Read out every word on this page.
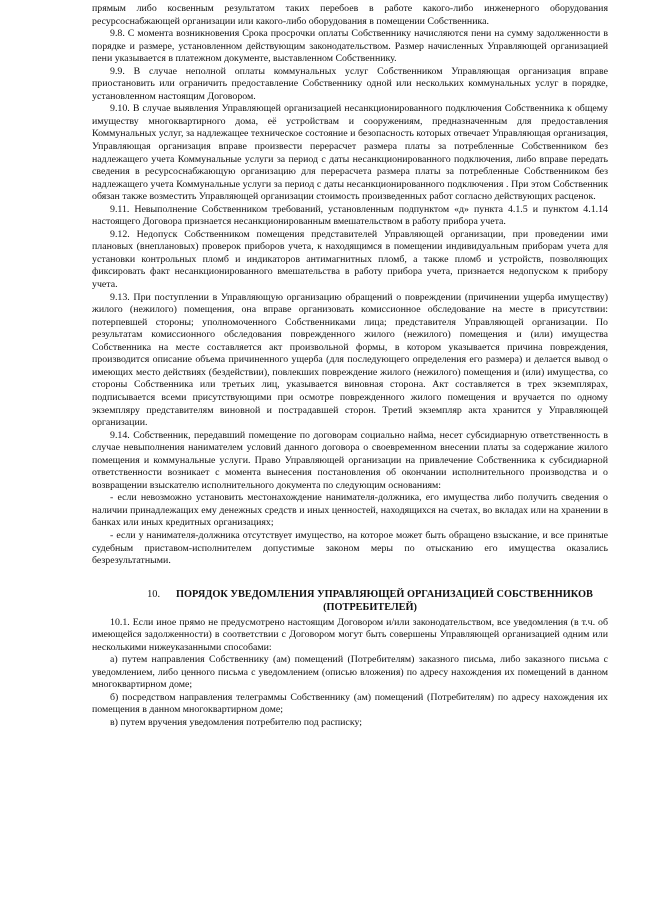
прямым либо косвенным результатом таких перебоев в работе какого-либо инженерного оборудования ресурсоснабжающей организации или какого-либо оборудования в помещении Собственника.

9.8. С момента возникновения Срока просрочки оплаты Собственнику начисляются пени на сумму задолженности в порядке и размере, установленном действующим законодательством. Размер начисленных Управляющей организацией пени указывается в платежном документе, выставленном Собственнику.

9.9. В случае неполной оплаты коммунальных услуг Собственником Управляющая организация вправе приостановить или ограничить предоставление Собственнику одной или нескольких коммунальных услуг в порядке, установленном настоящим Договором.

9.10. В случае выявления Управляющей организацией несанкционированного подключения Собственника к общему имуществу многоквартирного дома, её устройствам и сооружениям, предназначенным для предоставления Коммунальных услуг, за надлежащее техническое состояние и безопасность которых отвечает Управляющая организация, Управляющая организация вправе произвести перерасчет размера платы за потребленные Собственником без надлежащего учета Коммунальные услуги за период с даты несанкционированного подключения, либо вправе передать сведения в ресурсоснабжающую организацию для перерасчета размера платы за потребленные Собственником без надлежащего учета Коммунальные услуги за период с даты несанкционированного подключения . При этом Собственник обязан также возместить Управляющей организации стоимость произведенных работ согласно действующих расценок.

9.11. Невыполнение Собственником требований, установленным подпунктом «д» пункта 4.1.5 и пунктом 4.1.14 настоящего Договора признается несанкционированным вмешательством в работу прибора учета.

9.12. Недопуск Собственником помещения представителей Управляющей организации, при проведении ими плановых (внеплановых) проверок приборов учета, к находящимся в помещении индивидуальным приборам учета для установки контрольных пломб и индикаторов антимагнитных пломб, а также пломб и устройств, позволяющих фиксировать факт несанкционированного вмешательства в работу прибора учета, признается недопуском к прибору учета.

9.13. При поступлении в Управляющую организацию обращений о повреждении (причинении ущерба имуществу) жилого (нежилого) помещения, она вправе организовать комиссионное обследование на месте в присутствии: потерпевшей стороны; уполномоченного Собственниками лица; представителя Управляющей организации. По результатам комиссионного обследования поврежденного жилого (нежилого) помещения и (или) имущества Собственника на месте составляется акт произвольной формы, в котором указывается причина повреждения, производится описание объема причиненного ущерба (для последующего определения его размера) и делается вывод о имеющих место действиях (бездействии), повлекших повреждение жилого (нежилого) помещения и (или) имущества, со стороны Собственника или третьих лиц, указывается виновная сторона. Акт составляется в трех экземплярах, подписывается всеми присутствующими при осмотре поврежденного жилого помещения и вручается по одному экземпляру представителям виновной и пострадавшей сторон. Третий экземпляр акта хранится у Управляющей организации.

9.14. Собственник, передавший помещение по договорам социально найма, несет субсидиарную ответственность в случае невыполнения нанимателем условий данного договора о своевременном внесении платы за содержание жилого помещения и коммунальные услуги. Право Управляющей организации на привлечение Собственника к субсидиарной ответственности возникает с момента вынесения постановления об окончании исполнительного производства и о возвращении взыскателю исполнительного документа по следующим основаниям:

- если невозможно установить местонахождение нанимателя-должника, его имущества либо получить сведения о наличии принадлежащих ему денежных средств и иных ценностей, находящихся на счетах, во вкладах или на хранении в банках или иных кредитных организациях;

- если у нанимателя-должника отсутствует имущество, на которое может быть обращено взыскание, и все принятые судебным приставом-исполнителем допустимые законом меры по отысканию его имущества оказались безрезультатными.

10. ПОРЯДОК УВЕДОМЛЕНИЯ УПРАВЛЯЮЩЕЙ ОРГАНИЗАЦИЕЙ СОБСТВЕННИКОВ (ПОТРЕБИТЕЛЕЙ)

10.1. Если иное прямо не предусмотрено настоящим Договором и/или законодательством, все уведомления (в т.ч. об имеющейся задолженности) в соответствии с Договором могут быть совершены Управляющей организацией одним или несколькими нижеуказанными способами:

а) путем направления Собственнику (ам) помещений (Потребителям) заказного письма, либо заказного письма с уведомлением, либо ценного письма с уведомлением (описью вложения) по адресу нахождения их помещений в данном многоквартирном доме;

б) посредством направления телеграммы Собственнику (ам) помещений (Потребителям) по адресу нахождения их помещения в данном многоквартирном доме;

в) путем вручения уведомления потребителю под расписку;
